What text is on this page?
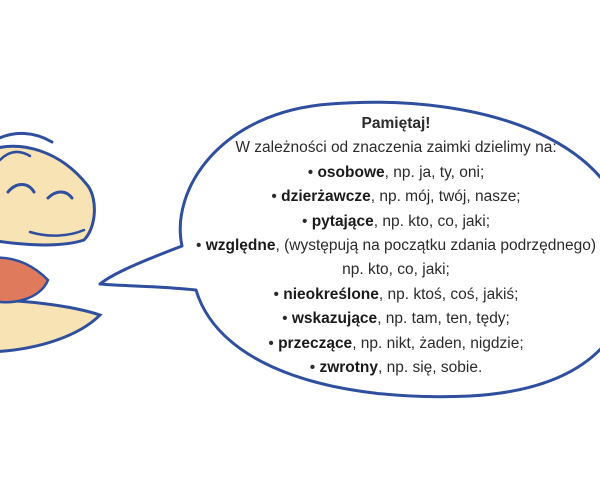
Pamiętaj!
W zależności od znaczenia zaimki dzielimy na:
• osobowe, np. ja, ty, oni;
• dzierżawcze, np. mój, twój, nasze;
• pytające, np. kto, co, jaki;
• względne, (występują na początku zdania podrzędnego)
np. kto, co, jaki;
• nieokreślone, np. ktoś, coś, jakiś;
• wskazujące, np. tam, ten, tędy;
• przeczące, np. nikt, żaden, nigdzie;
• zwrotny, np. się, sobie.
